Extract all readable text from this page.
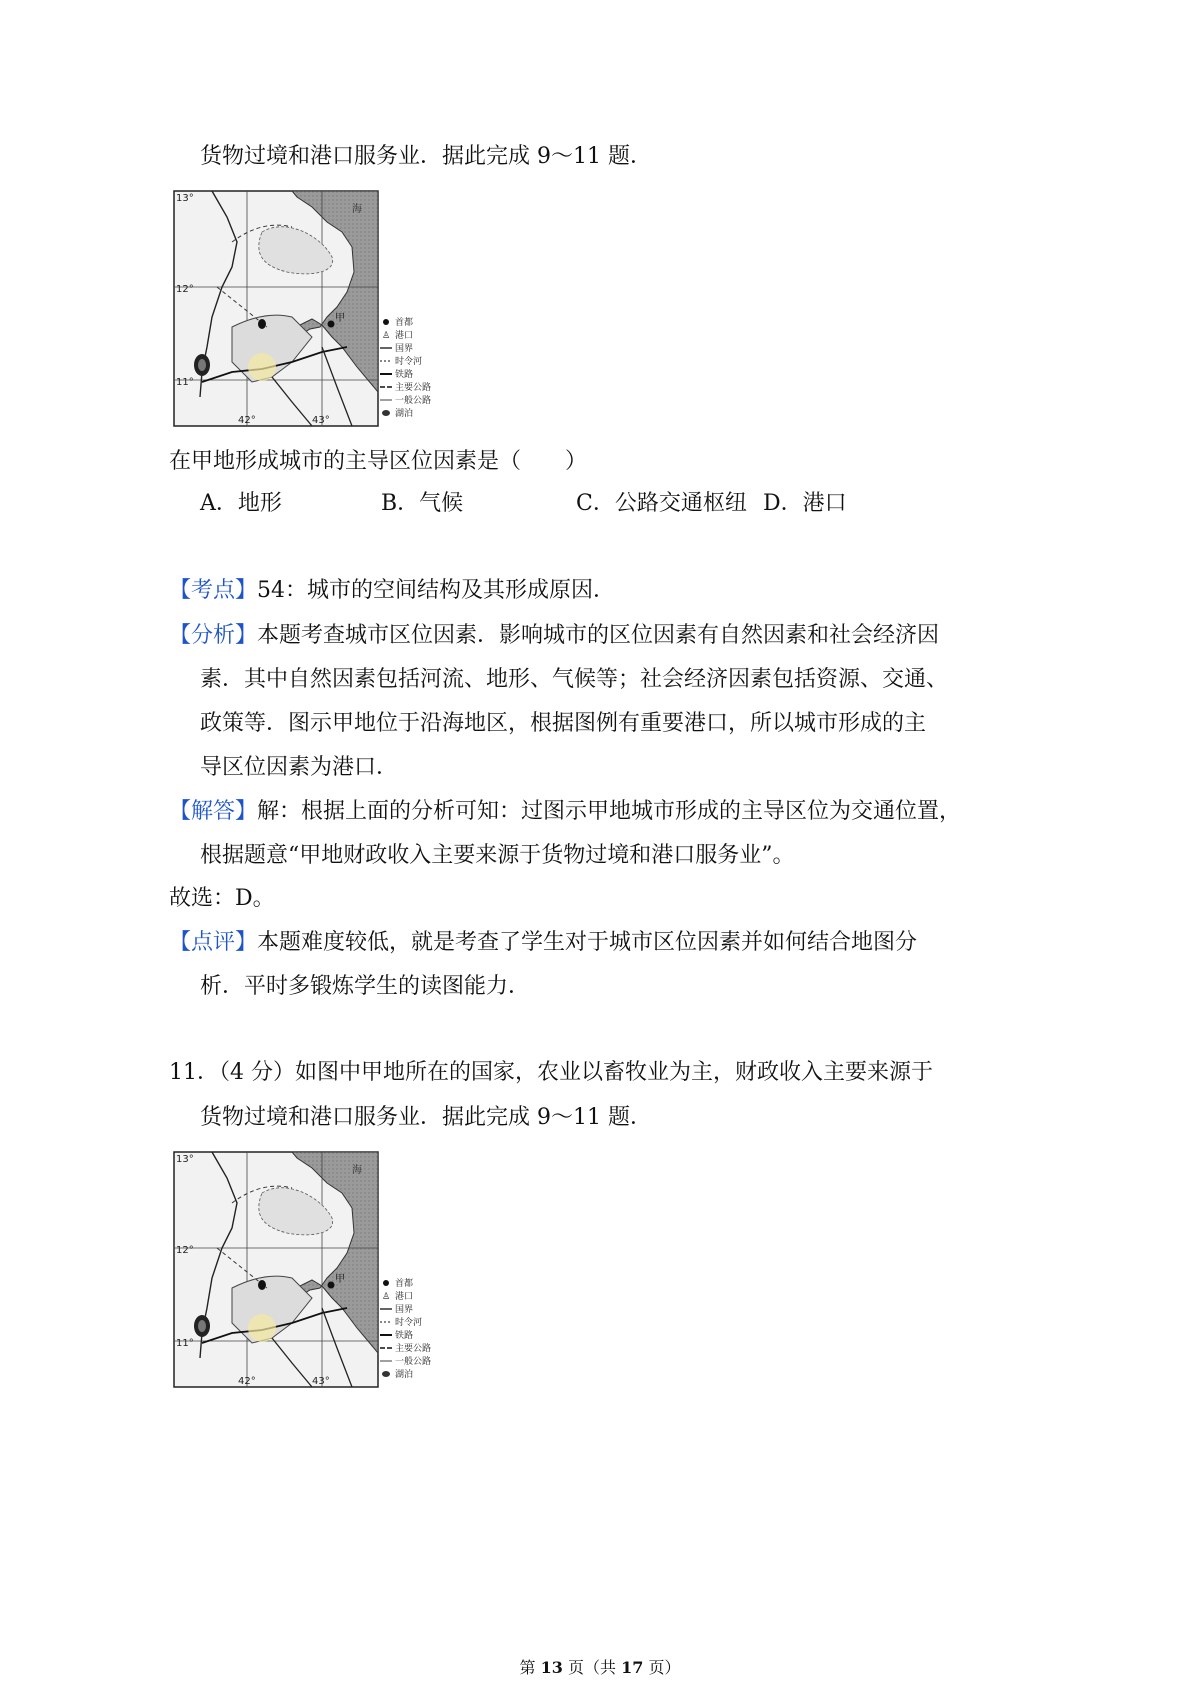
货物过境和港口服务业．据此完成 9～11 题．
13°
12°
11°
42°	43°
甲
海
首都
♙ 港口
国界
时令河
铁路
主要公路
一般公路
湖泊
在甲地形成城市的主导区位因素是（　　）
A．地形	B．气候	C．公路交通枢纽 D．港口
【考点】54：城市的空间结构及其形成原因．
【分析】本题考查城市区位因素．影响城市的区位因素有自然因素和社会经济因
素．其中自然因素包括河流、地形、气候等；社会经济因素包括资源、交通、
政策等．图示甲地位于沿海地区，根据图例有重要港口，所以城市形成的主
导区位因素为港口．
【解答】解：根据上面的分析可知：过图示甲地城市形成的主导区位为交通位置，
根据题意“甲地财政收入主要来源于货物过境和港口服务业”。
故选：D。
【点评】本题难度较低，就是考查了学生对于城市区位因素并如何结合地图分
析．平时多锻炼学生的读图能力．
11．（4 分）如图中甲地所在的国家，农业以畜牧业为主，财政收入主要来源于
货物过境和港口服务业．据此完成 9～11 题．
13°
12°
11°
42°	43°
甲
海
首都
♙ 港口
国界
时令河
铁路
主要公路
一般公路
湖泊
第 13 页（共 17 页）
